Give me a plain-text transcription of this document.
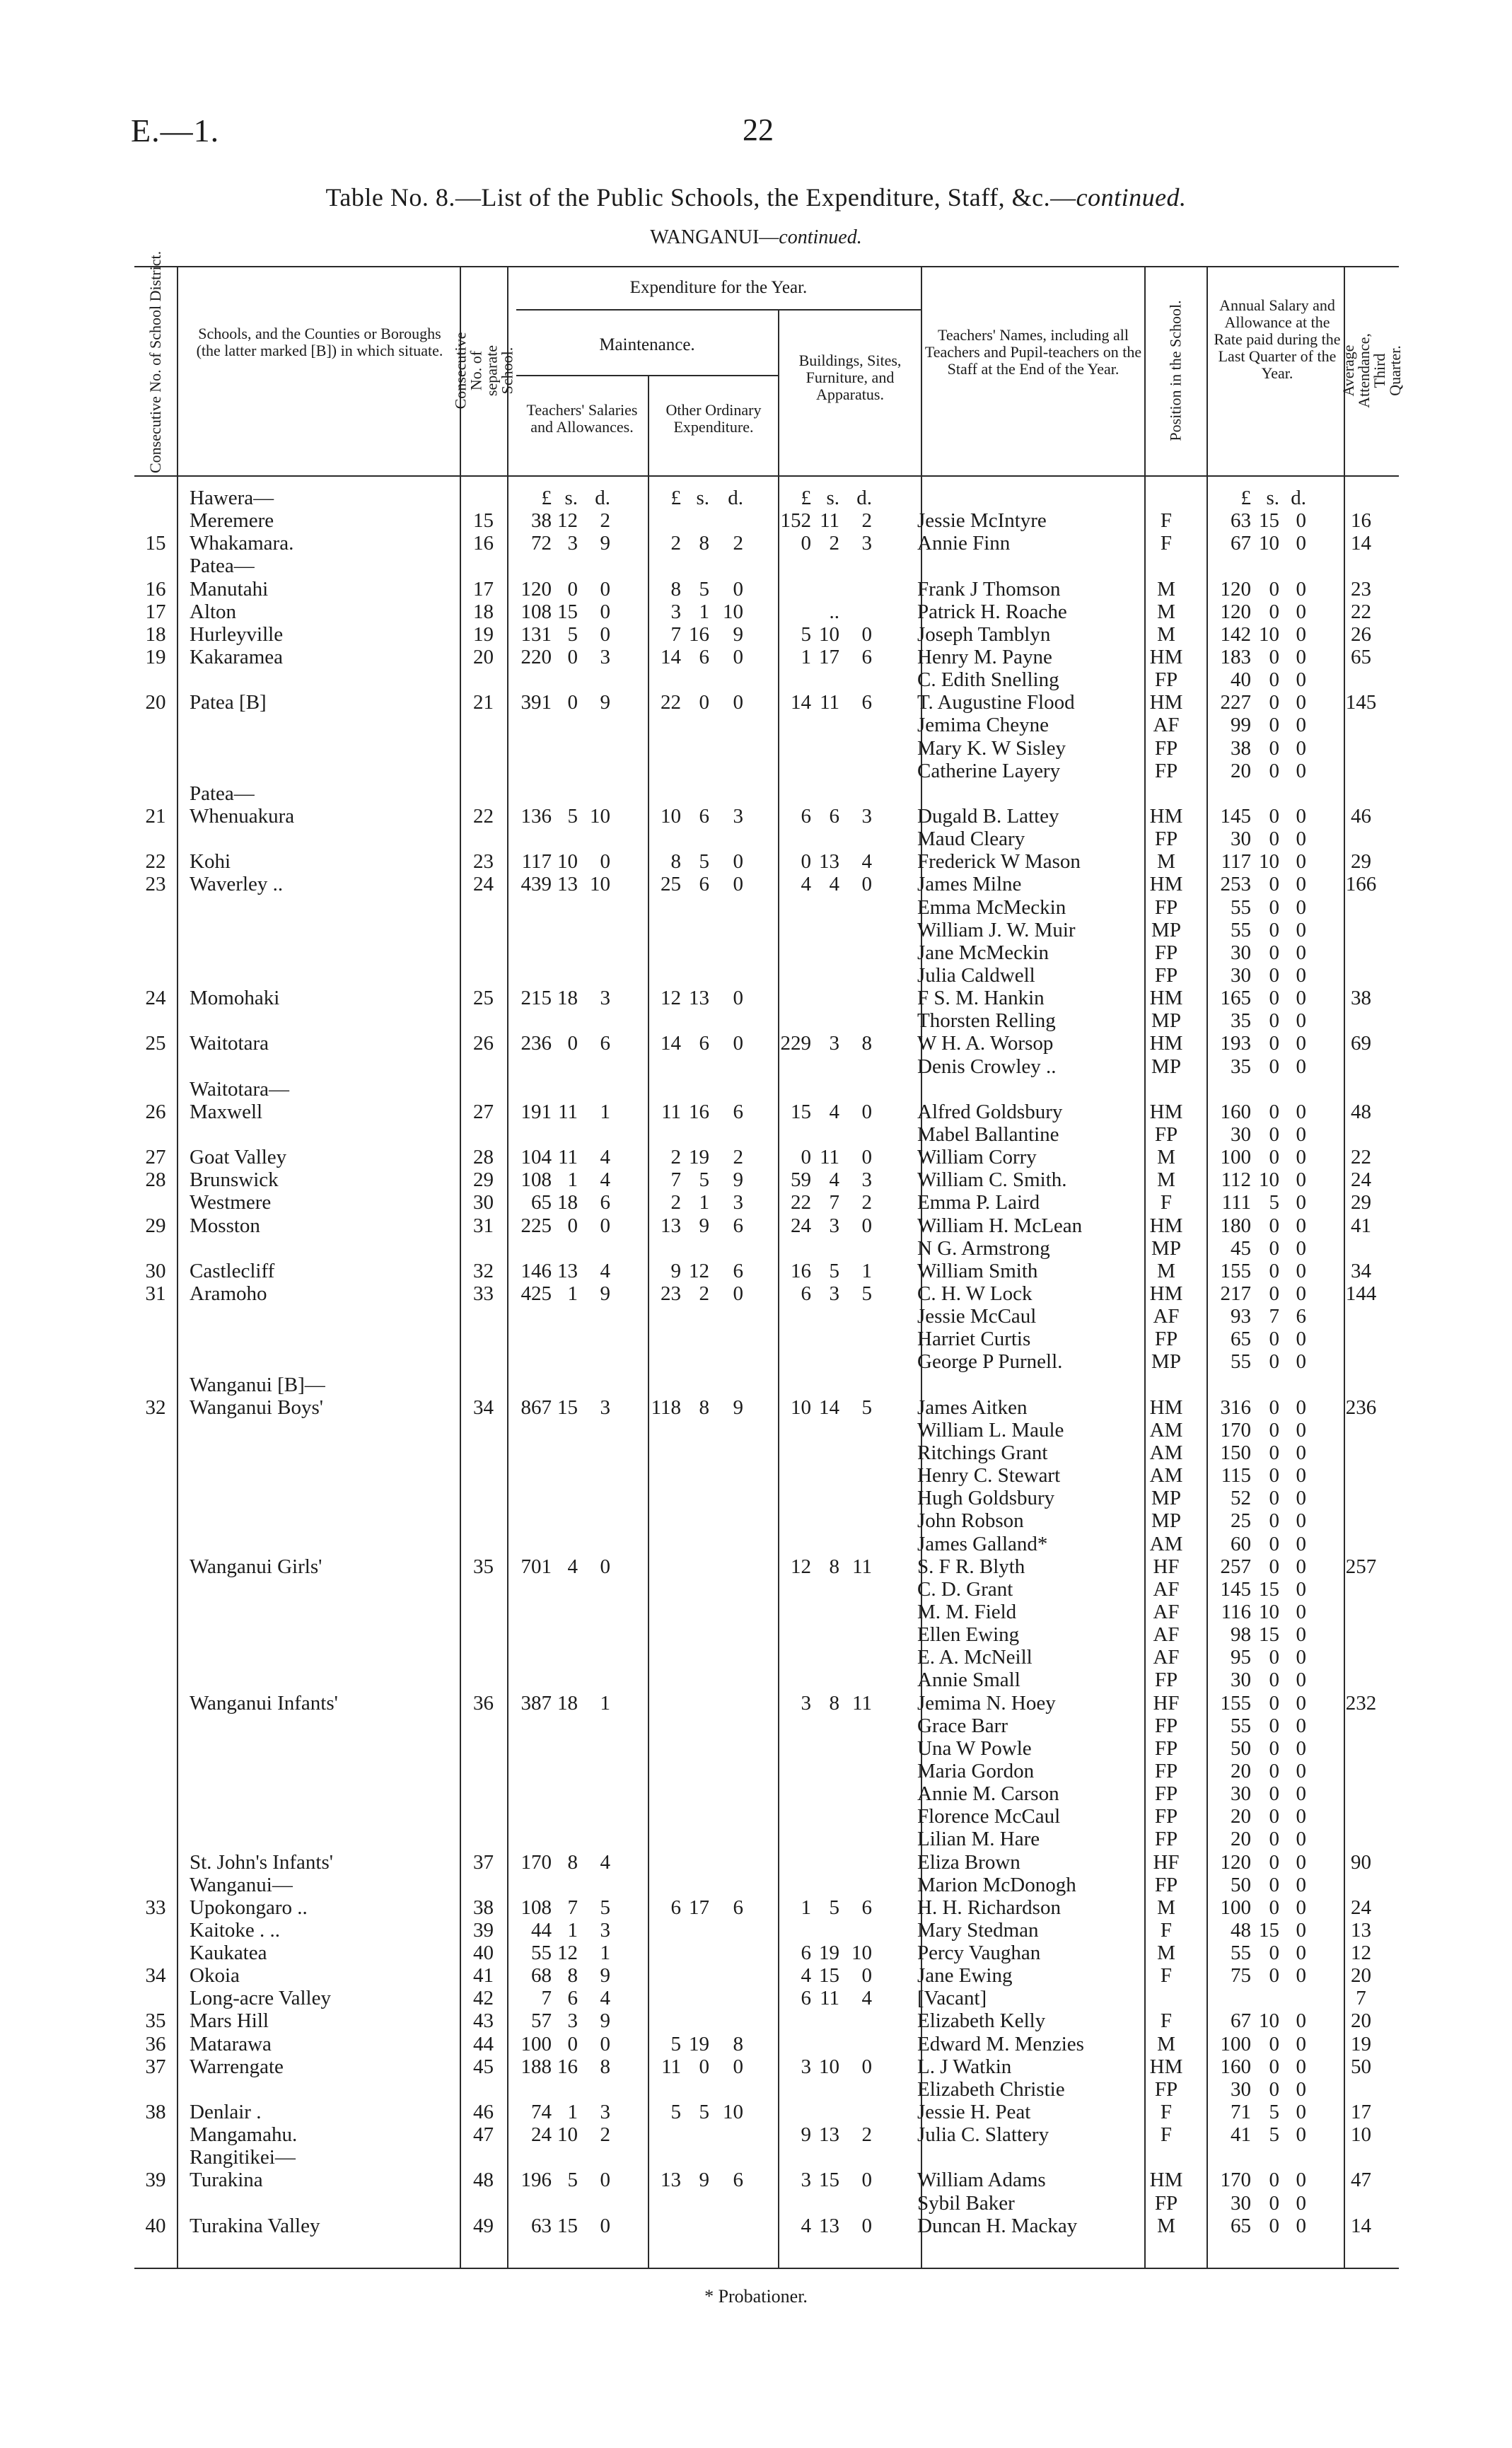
E.—1.	22
Table No. 8.—List of the Public Schools, the Expenditure, Staff, &c.—continued.
WANGANUI—continued.
Consecutive No. of School District.	Schools, and the Counties or Boroughs (the latter marked [B]) in which situate. Consecutive No. of separate School.
Expenditure for the Year.
Maintenance.
Teachers' Salaries and Allowances.
Other Ordinary Expenditure.
Buildings, Sites, Furniture, and Apparatus.
Teachers' Names, including all Teachers and Pupil-teachers on the Staff at the End of the Year.	Position in the School.	Annual Salary and Allowance at the Rate paid during the Last Quarter of the Year.	Average Attendance, Third Quarter.
	Hawera—		£	s.	d.	£	s.	d.	£	s.	d.			£	s.	d.	
	Meremere	15	38	12	2				152	11	2	Jessie McIntyre	F	63	15	0	16
15	Whakamara.	16	72	3	9	2	8	2	0	2	3	Annie Finn	F	67	10	0	14
	Patea—																
16	Manutahi	17	120	0	0	8	5	0				Frank J Thomson	M	120	0	0	23
17	Alton	18	108	15	0	3	1	10		..		Patrick H. Roache	M	120	0	0	22
18	Hurleyville	19	131	5	0	7	16	9	5	10	0	Joseph Tamblyn	M	142	10	0	26
19	Kakaramea	20	220	0	3	14	6	0	1	17	6	Henry M. Payne	HM	183	0	0	65
												C. Edith Snelling	FP	40	0	0	
20	Patea [B]	21	391	0	9	22	0	0	14	11	6	T. Augustine Flood	HM	227	0	0	145
												Jemima Cheyne	AF	99	0	0	
												Mary K. W Sisley	FP	38	0	0	
												Catherine Layery	FP	20	0	0	
	Patea—																
21	Whenuakura	22	136	5	10	10	6	3	6	6	3	Dugald B. Lattey	HM	145	0	0	46
												Maud Cleary	FP	30	0	0	
22	Kohi	23	117	10	0	8	5	0	0	13	4	Frederick W Mason	M	117	10	0	29
23	Waverley ..	24	439	13	10	25	6	0	4	4	0	James Milne	HM	253	0	0	166
												Emma McMeckin	FP	55	0	0	
												William J. W. Muir	MP	55	0	0	
												Jane McMeckin	FP	30	0	0	
												Julia Caldwell	FP	30	0	0	
24	Momohaki	25	215	18	3	12	13	0				F S. M. Hankin	HM	165	0	0	38
												Thorsten Relling	MP	35	0	0	
25	Waitotara	26	236	0	6	14	6	0	229	3	8	W H. A. Worsop	HM	193	0	0	69
												Denis Crowley ..	MP	35	0	0	
	Waitotara—																
26	Maxwell	27	191	11	1	11	16	6	15	4	0	Alfred Goldsbury	HM	160	0	0	48
												Mabel Ballantine	FP	30	0	0	
27	Goat Valley	28	104	11	4	2	19	2	0	11	0	William Corry	M	100	0	0	22
28	Brunswick	29	108	1	4	7	5	9	59	4	3	William C. Smith.	M	112	10	0	24
	Westmere	30	65	18	6	2	1	3	22	7	2	Emma P. Laird	F	111	5	0	29
29	Mosston	31	225	0	0	13	9	6	24	3	0	William H. McLean	HM	180	0	0	41
												N G. Armstrong	MP	45	0	0	
30	Castlecliff	32	146	13	4	9	12	6	16	5	1	William Smith	M	155	0	0	34
31	Aramoho	33	425	1	9	23	2	0	6	3	5	C. H. W Lock	HM	217	0	0	144
												Jessie McCaul	AF	93	7	6	
												Harriet Curtis	FP	65	0	0	
												George P Purnell.	MP	55	0	0	
	Wanganui [B]—																
32	Wanganui Boys'	34	867	15	3	118	8	9	10	14	5	James Aitken	HM	316	0	0	236
												William L. Maule	AM	170	0	0	
												Ritchings Grant	AM	150	0	0	
												Henry C. Stewart	AM	115	0	0	
												Hugh Goldsbury	MP	52	0	0	
												John Robson	MP	25	0	0	
												James Galland*	AM	60	0	0	
	Wanganui Girls'	35	701	4	0				12	8	11	S. F R. Blyth	HF	257	0	0	257
												C. D. Grant	AF	145	15	0	
												M. M. Field	AF	116	10	0	
												Ellen Ewing	AF	98	15	0	
												E. A. McNeill	AF	95	0	0	
												Annie Small	FP	30	0	0	
	Wanganui Infants'	36	387	18	1				3	8	11	Jemima N. Hoey	HF	155	0	0	232
												Grace Barr	FP	55	0	0	
												Una W Powle	FP	50	0	0	
												Maria Gordon	FP	20	0	0	
												Annie M. Carson	FP	30	0	0	
												Florence McCaul	FP	20	0	0	
												Lilian M. Hare	FP	20	0	0	
	St. John's Infants'	37	170	8	4							Eliza Brown	HF	120	0	0	90
	Wanganui—											Marion McDonogh	FP	50	0	0	
33	Upokongaro ..	38	108	7	5	6	17	6	1	5	6	H. H. Richardson	M	100	0	0	24
	Kaitoke . ..	39	44	1	3							Mary Stedman	F	48	15	0	13
	Kaukatea	40	55	12	1				6	19	10	Percy Vaughan	M	55	0	0	12
34	Okoia	41	68	8	9				4	15	0	Jane Ewing	F	75	0	0	20
	Long-acre Valley	42	7	6	4				6	11	4	[Vacant]					7
35	Mars Hill	43	57	3	9							Elizabeth Kelly	F	67	10	0	20
36	Matarawa	44	100	0	0	5	19	8				Edward M. Menzies	M	100	0	0	19
37	Warrengate	45	188	16	8	11	0	0	3	10	0	L. J Watkin	HM	160	0	0	50
												Elizabeth Christie	FP	30	0	0	
38	Denlair .	46	74	1	3	5	5	10				Jessie H. Peat	F	71	5	0	17
	Mangamahu.	47	24	10	2				9	13	2	Julia C. Slattery	F	41	5	0	10
	Rangitikei—																
39	Turakina	48	196	5	0	13	9	6	3	15	0	William Adams	HM	170	0	0	47
												Sybil Baker	FP	30	0	0	
40	Turakina Valley	49	63	15	0				4	13	0	Duncan H. Mackay	M	65	0	0	14
* Probationer.
